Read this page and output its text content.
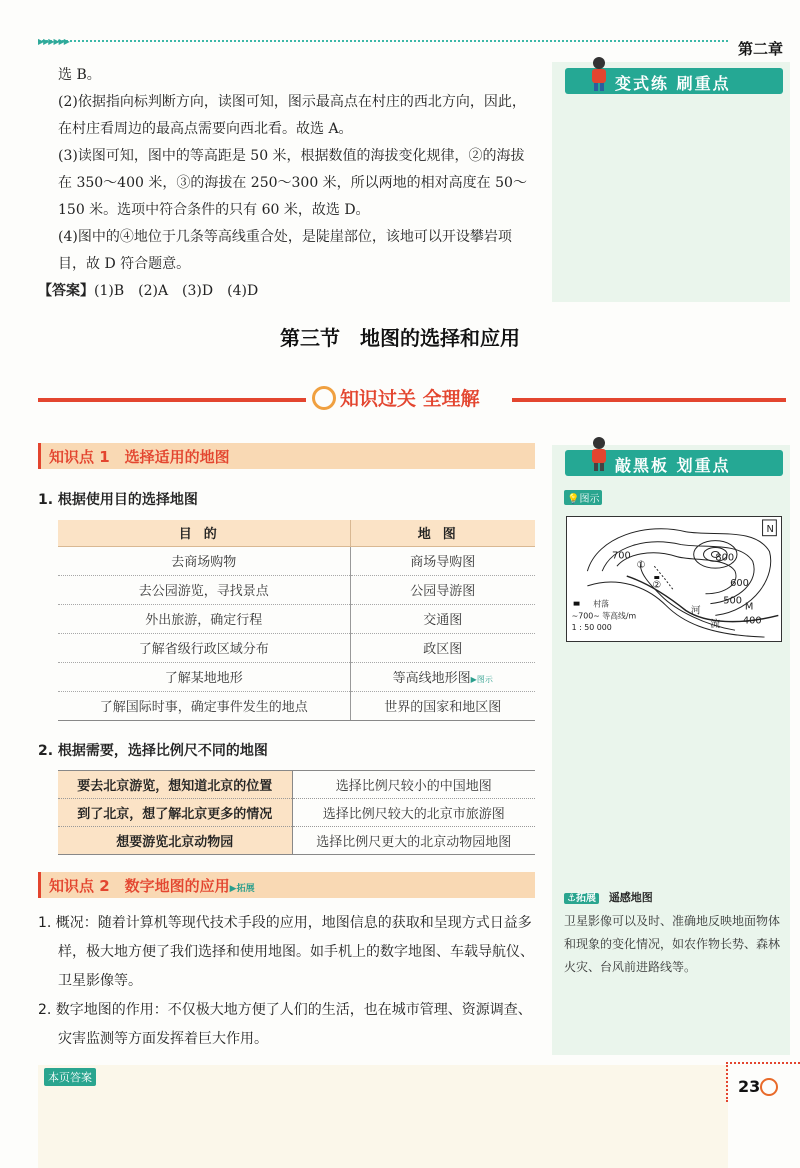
▶▶▶▶▶▶	第二章
选 B。
(2)依据指向标判断方向，读图可知，图示最高点在村庄的西北方向，因此，在村庄看周边的最高点需要向西北看。故选 A。
(3)读图可知，图中的等高距是 50 米，根据数值的海拔变化规律，②的海拔在 350～400 米，③的海拔在 250～300 米，所以两地的相对高度在 50～150 米。选项中符合条件的只有 60 米，故选 D。
(4)图中的④地位于几条等高线重合处，是陡崖部位，该地可以开设攀岩项目，故 D 符合题意。
【答案】(1)B　(2)A　(3)D　(4)D
变式练 刷重点
第三节　地图的选择和应用
知识过关 全理解
知识点 1　选择适用的地图
1. 根据使用目的选择地图
目的	地图
去商场购物	商场导购图
去公园游览，寻找景点	公园导游图
外出旅游，确定行程	交通图
了解省级行政区域分布	政区图
了解某地地形	等高线地形图▶图示
了解国际时事，确定事件发生的地点	世界的国家和地区图
2. 根据需要，选择比例尺不同的地图
要去北京游览，想知道北京的位置	选择比例尺较小的中国地图
到了北京，想了解北京更多的情况	选择比例尺较大的北京市旅游图
想要游览北京动物园	选择比例尺更大的北京动物园地图
知识点 2　数字地图的应用▶拓展
1. 概况：随着计算机等现代技术手段的应用，地图信息的获取和呈现方式日益多样，极大地方便了我们选择和使用地图。如手机上的数字地图、车载导航仪、卫星影像等。
2. 数字地图的作用：不仅极大地方便了人们的生活，也在城市管理、资源调查、灾害监测等方面发挥着巨大作用。
敲黑板 划重点
💡图示
N
700	800
600
500
400
①
②
M
河
流
村落
~700~ 等高线/m
1 : 50 000
⚓拓展 遥感地图
卫星影像可以及时、准确地反映地面物体和现象的变化情况，如农作物长势、森林火灾、台风前进路线等。
本页答案	23
